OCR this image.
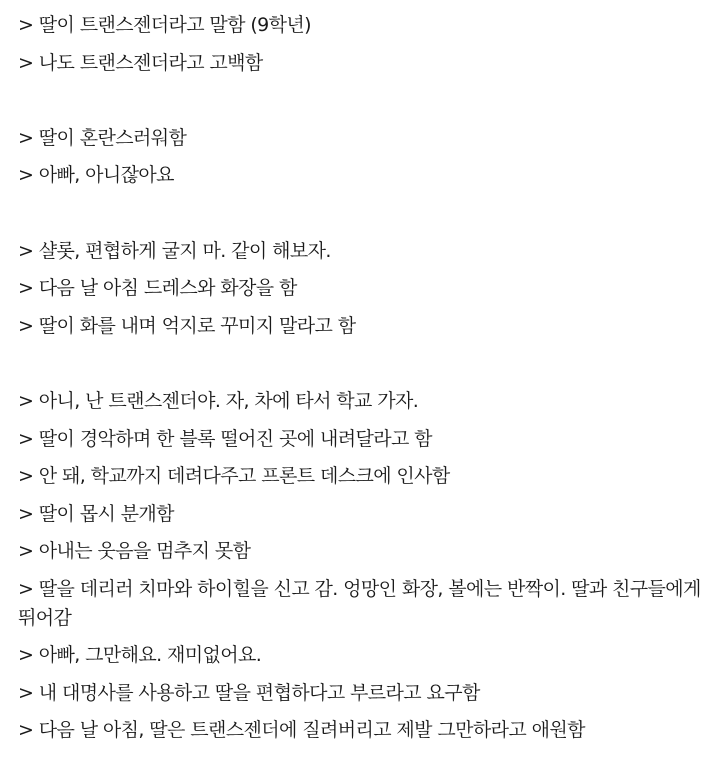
> 딸이 트랜스젠더라고 말함 (9학년)
> 나도 트랜스젠더라고 고백함
> 딸이 혼란스러워함
> 아빠, 아니잖아요
> 샬롯, 편협하게 굴지 마. 같이 해보자.
> 다음 날 아침 드레스와 화장을 함
> 딸이 화를 내며 억지로 꾸미지 말라고 함
> 아니, 난 트랜스젠더야. 자, 차에 타서 학교 가자.
> 딸이 경악하며 한 블록 떨어진 곳에 내려달라고 함
> 안 돼, 학교까지 데려다주고 프론트 데스크에 인사함
> 딸이 몹시 분개함
> 아내는 웃음을 멈추지 못함
> 딸을 데리러 치마와 하이힐을 신고 감. 엉망인 화장, 볼에는 반짝이. 딸과 친구들에게 뛰어감
> 아빠, 그만해요. 재미없어요.
> 내 대명사를 사용하고 딸을 편협하다고 부르라고 요구함
> 다음 날 아침, 딸은 트랜스젠더에 질려버리고 제발 그만하라고 애원함
